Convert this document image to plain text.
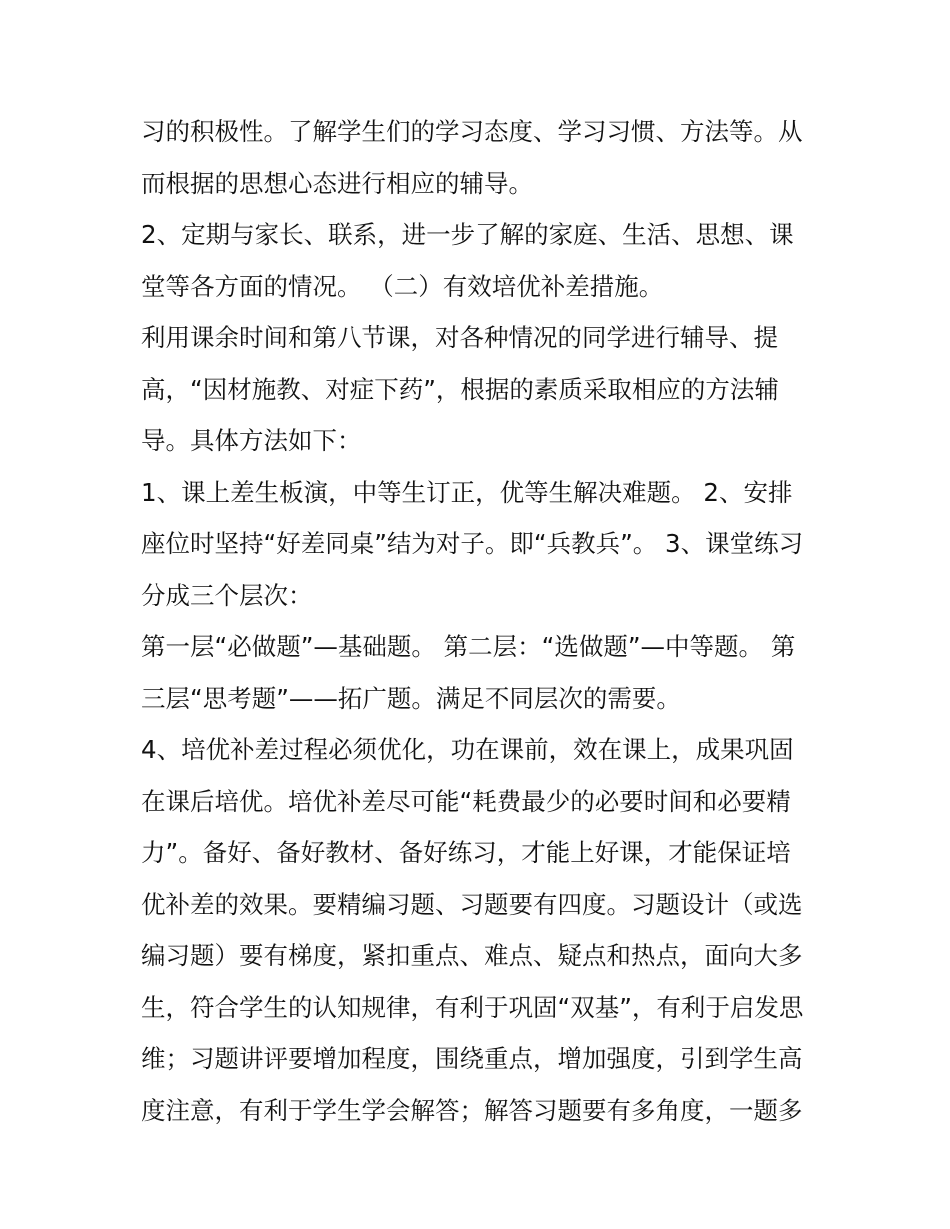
习的积极性。了解学生们的学习态度、学习习惯、方法等。从
而根据的思想心态进行相应的辅导。
2、定期与家长、联系，进一步了解的家庭、生活、思想、课
堂等各方面的情况。 （二）有效培优补差措施。
利用课余时间和第八节课，对各种情况的同学进行辅导、提
高，“因材施教、对症下药”，根据的素质采取相应的方法辅
导。具体方法如下：
1、课上差生板演，中等生订正，优等生解决难题。 2、安排
座位时坚持“好差同桌”结为对子。即“兵教兵”。 3、课堂练习
分成三个层次：
第一层“必做题”—基础题。 第二层：“选做题”—中等题。 第
三层“思考题”——拓广题。满足不同层次的需要。
4、培优补差过程必须优化，功在课前，效在课上，成果巩固
在课后培优。培优补差尽可能“耗费最少的必要时间和必要精
力”。备好、备好教材、备好练习，才能上好课，才能保证培
优补差的效果。要精编习题、习题要有四度。习题设计（或选
编习题）要有梯度，紧扣重点、难点、疑点和热点，面向大多
生，符合学生的认知规律，有利于巩固“双基”，有利于启发思
维；习题讲评要增加程度，围绕重点，增加强度，引到学生高
度注意，有利于学生学会解答；解答习题要有多角度，一题多
